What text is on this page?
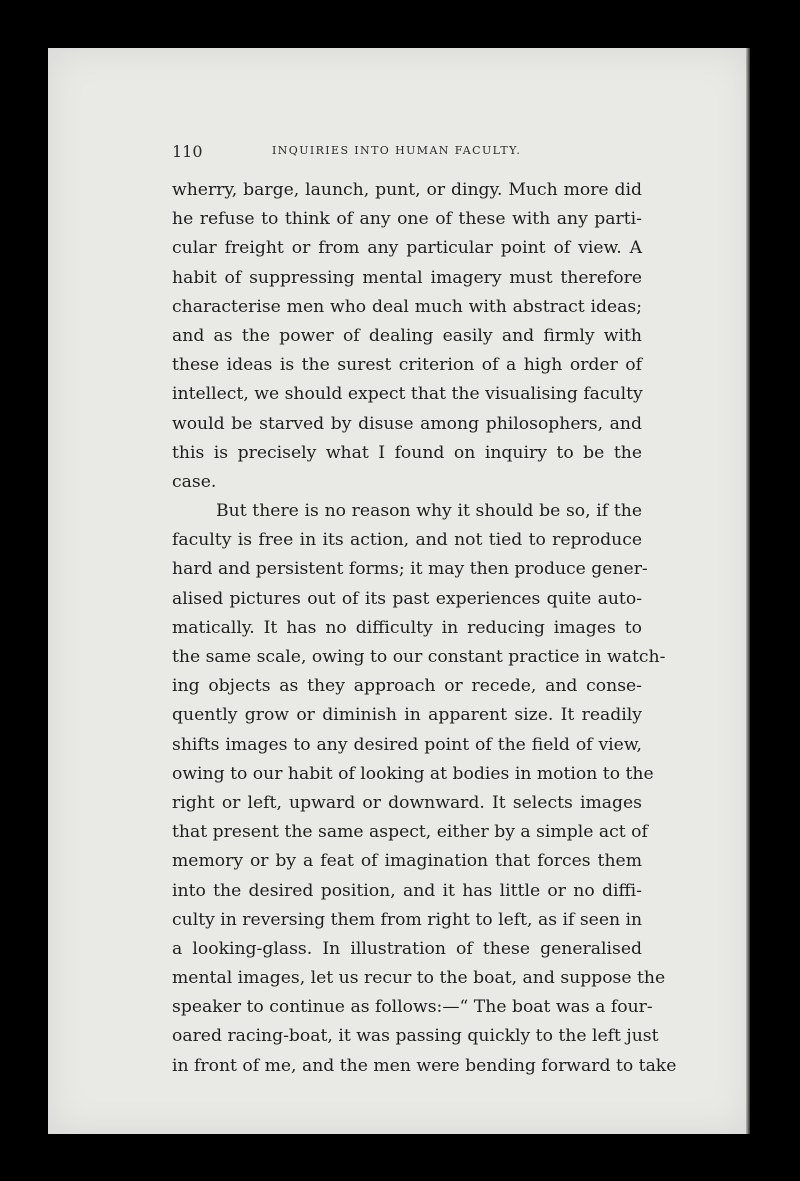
110	INQUIRIES INTO HUMAN FACULTY.
wherry, barge, launch, punt, or dingy. Much more did
he refuse to think of any one of these with any parti-
cular freight or from any particular point of view. A
habit of suppressing mental imagery must therefore
characterise men who deal much with abstract ideas;
and as the power of dealing easily and firmly with
these ideas is the surest criterion of a high order of
intellect, we should expect that the visualising faculty
would be starved by disuse among philosophers, and
this is precisely what I found on inquiry to be the
case.
But there is no reason why it should be so, if the
faculty is free in its action, and not tied to reproduce
hard and persistent forms; it may then produce gener-
alised pictures out of its past experiences quite auto-
matically. It has no difficulty in reducing images to
the same scale, owing to our constant practice in watch-
ing objects as they approach or recede, and conse-
quently grow or diminish in apparent size. It readily
shifts images to any desired point of the field of view,
owing to our habit of looking at bodies in motion to the
right or left, upward or downward. It selects images
that present the same aspect, either by a simple act of
memory or by a feat of imagination that forces them
into the desired position, and it has little or no diffi-
culty in reversing them from right to left, as if seen in
a looking-glass. In illustration of these generalised
mental images, let us recur to the boat, and suppose the
speaker to continue as follows:—“ The boat was a four-
oared racing-boat, it was passing quickly to the left just
in front of me, and the men were bending forward to take
